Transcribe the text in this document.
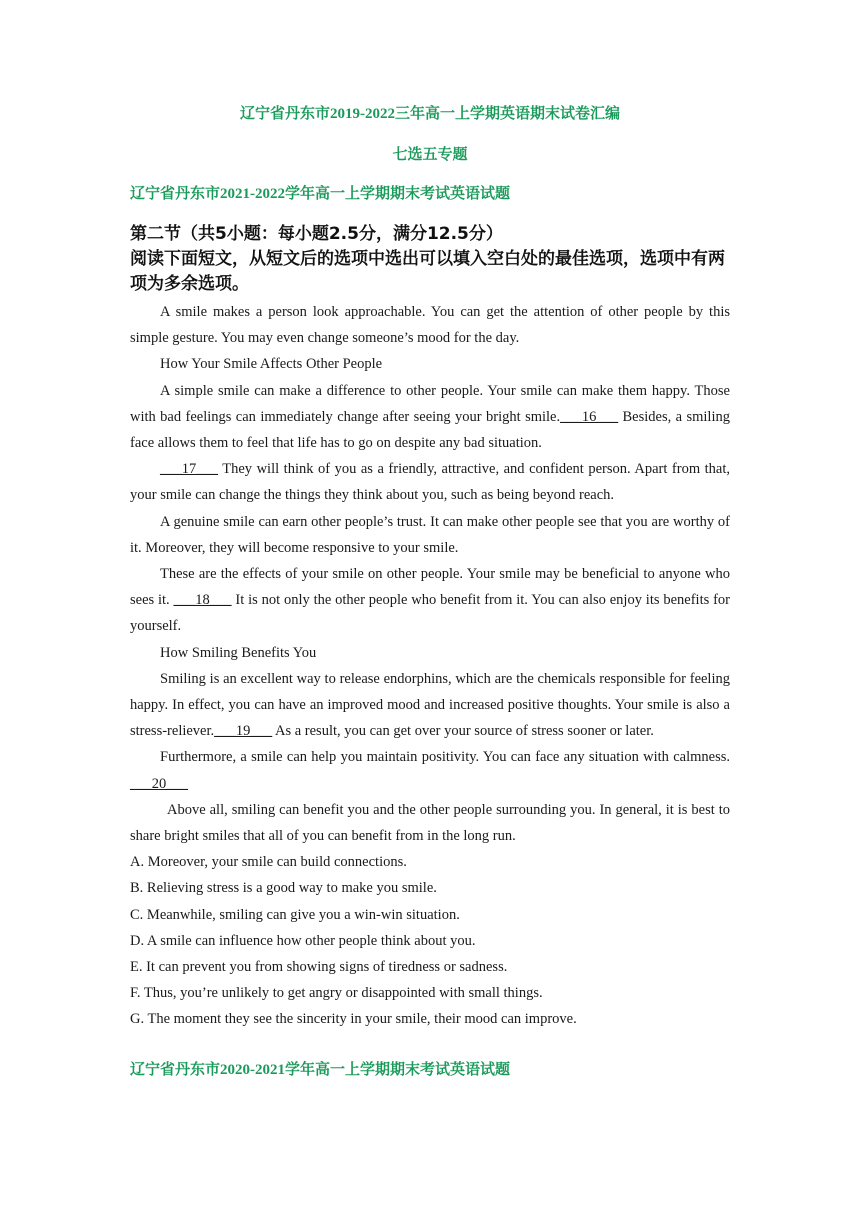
辽宁省丹东市2019-2022三年高一上学期英语期末试卷汇编
七选五专题
辽宁省丹东市2021-2022学年高一上学期期末考试英语试题
第二节（共5小题：每小题2.5分，满分12.5分）
阅读下面短文，从短文后的选项中选出可以填入空白处的最佳选项，选项中有两项为多余选项。

A smile makes a person look approachable. You can get the attention of other people by this simple gesture. You may even change someone’s mood for the day.

How Your Smile Affects Other People

A simple smile can make a difference to other people. Your smile can make them happy. Those with bad feelings can immediately change after seeing your bright smile.___16___ Besides, a smiling face allows them to feel that life has to go on despite any bad situation.

___17___ They will think of you as a friendly, attractive, and confident person. Apart from that, your smile can change the things they think about you, such as being beyond reach.

A genuine smile can earn other people’s trust. It can make other people see that you are worthy of it. Moreover, they will become responsive to your smile.

These are the effects of your smile on other people. Your smile may be beneficial to anyone who sees it. ___18___ It is not only the other people who benefit from it. You can also enjoy its benefits for yourself.

How Smiling Benefits You

Smiling is an excellent way to release endorphins, which are the chemicals responsible for feeling happy. In effect, you can have an improved mood and increased positive thoughts. Your smile is also a stress-reliever.___19___ As a result, you can get over your source of stress sooner or later.

Furthermore, a smile can help you maintain positivity. You can face any situation with calmness. ___20___

Above all, smiling can benefit you and the other people surrounding you. In general, it is best to share bright smiles that all of you can benefit from in the long run.

A. Moreover, your smile can build connections.

B. Relieving stress is a good way to make you smile.

C. Meanwhile, smiling can give you a win-win situation.

D. A smile can influence how other people think about you.

E. It can prevent you from showing signs of tiredness or sadness.

F. Thus, you’re unlikely to get angry or disappointed with small things.

G. The moment they see the sincerity in your smile, their mood can improve.

辽宁省丹东市2020-2021学年高一上学期期末考试英语试题
